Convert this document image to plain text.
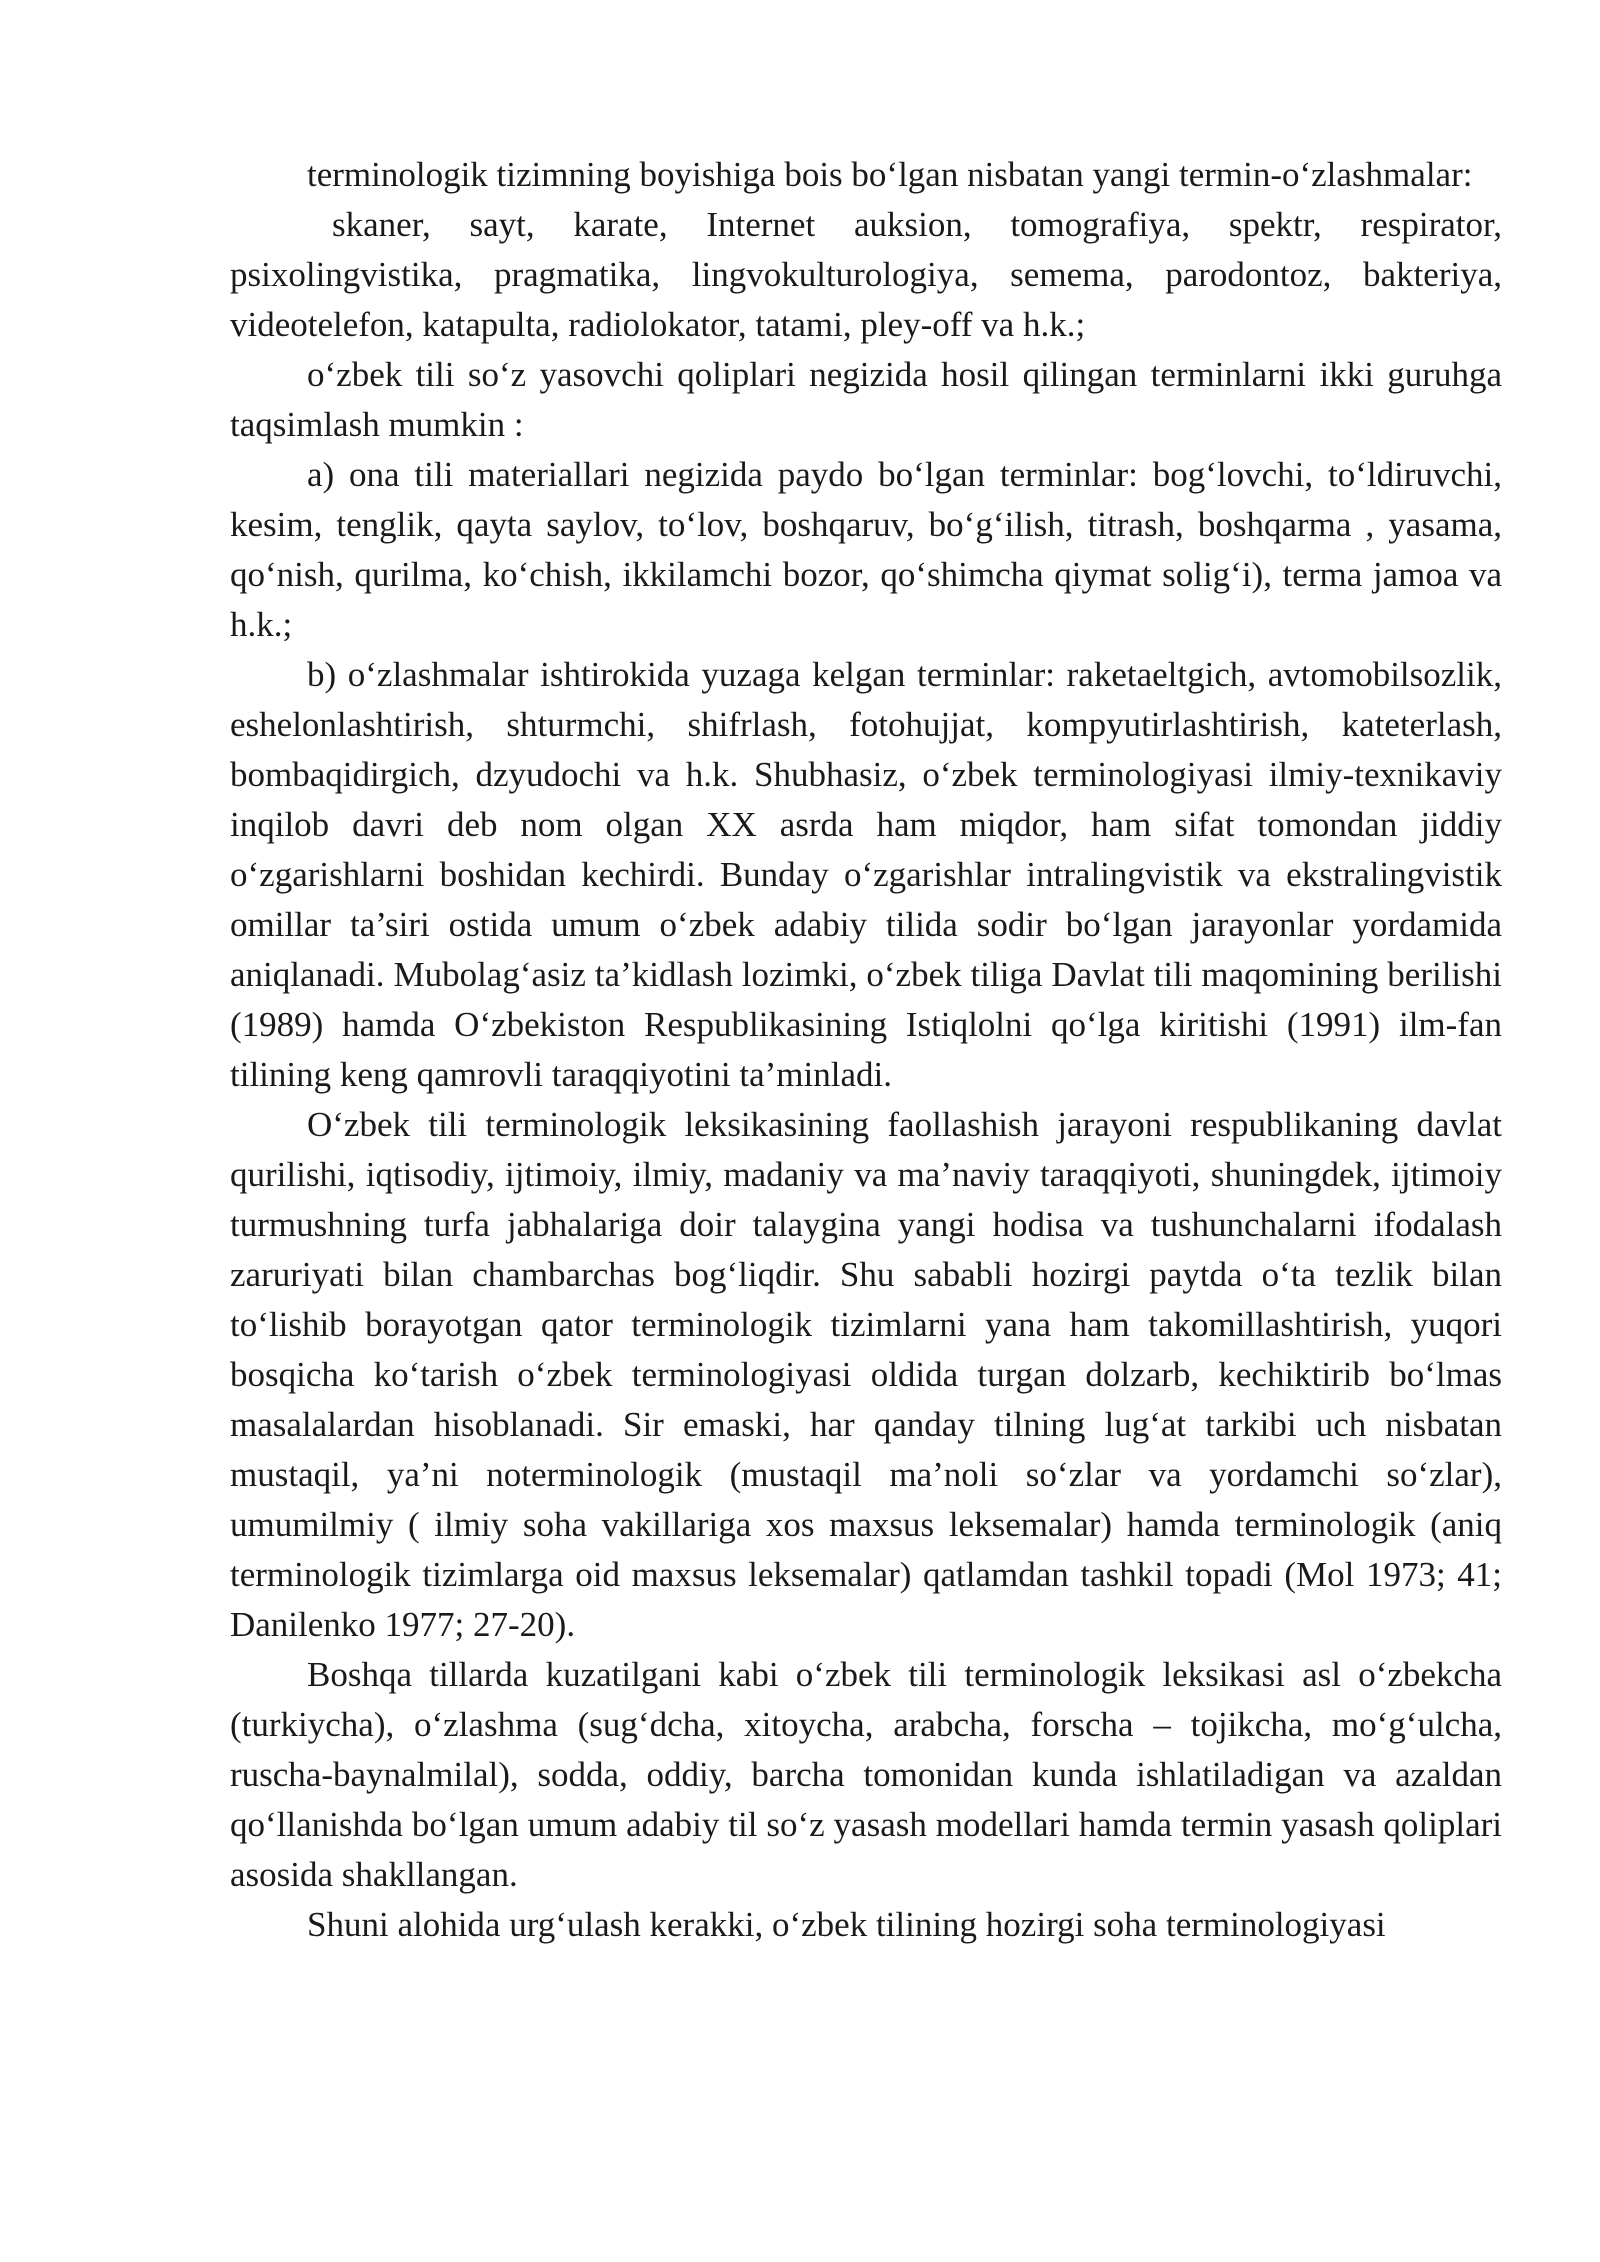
terminologik tizimning boyishiga bois bo‘lgan nisbatan yangi termin-o‘zlashmalar:

skaner, sayt, karate, Internet auksion, tomografiya, spektr, respirator, psixolingvistika, pragmatika, lingvokulturologiya, semema, parodontoz, bakteriya, videotelefon, katapulta, radiolokator, tatami, pley-off va h.k.;

o‘zbek tili so‘z yasovchi qoliplari negizida hosil qilingan terminlarni ikki guruhga taqsimlash mumkin :

a) ona tili materiallari negizida paydo bo‘lgan terminlar: bog‘lovchi, to‘ldiruvchi, kesim, tenglik, qayta saylov, to‘lov, boshqaruv, bo‘g‘ilish, titrash, boshqarma , yasama, qo‘nish, qurilma, ko‘chish, ikkilamchi bozor, qo‘shimcha qiymat solig‘i), terma jamoa va h.k.;

b) o‘zlashmalar ishtirokida yuzaga kelgan terminlar: raketaeltgich, avtomobilsozlik, eshelonlashtirish, shturmchi, shifrlash, fotohujjat, kompyutirlashtirish, kateterlash, bombaqidirgich, dzyudochi va h.k. Shubhasiz, o‘zbek terminologiyasi ilmiy-texnikaviy inqilob davri deb nom olgan XX asrda ham miqdor, ham sifat tomondan jiddiy o‘zgarishlarni boshidan kechirdi. Bunday o‘zgarishlar intralingvistik va ekstralingvistik omillar ta’siri ostida umum o‘zbek adabiy tilida sodir bo‘lgan jarayonlar yordamida aniqlanadi. Mubolag‘asiz ta’kidlash lozimki, o‘zbek tiliga Davlat tili maqomining berilishi (1989) hamda O‘zbekiston Respublikasining Istiqlolni qo‘lga kiritishi (1991) ilm-fan tilining keng qamrovli taraqqiyotini ta’minladi.

O‘zbek tili terminologik leksikasining faollashish jarayoni respublikaning davlat qurilishi, iqtisodiy, ijtimoiy, ilmiy, madaniy va ma’naviy taraqqiyoti, shuningdek, ijtimoiy turmushning turfa jabhalariga doir talaygina yangi hodisa va tushunchalarni ifodalash zaruriyati bilan chambarchas bog‘liqdir. Shu sababli hozirgi paytda o‘ta tezlik bilan to‘lishib borayotgan qator terminologik tizimlarni yana ham takomillashtirish, yuqori bosqicha ko‘tarish o‘zbek terminologiyasi oldida turgan dolzarb, kechiktirib bo‘lmas masalalardan hisoblanadi. Sir emaski, har qanday tilning lug‘at tarkibi uch nisbatan mustaqil, ya’ni noterminologik (mustaqil ma’noli so‘zlar va yordamchi so‘zlar), umumilmiy ( ilmiy soha vakillariga xos maxsus leksemalar) hamda terminologik (aniq terminologik tizimlarga oid maxsus leksemalar) qatlamdan tashkil topadi (Mol 1973; 41; Danilenko 1977; 27-20).

Boshqa tillarda kuzatilgani kabi o‘zbek tili terminologik leksikasi asl o‘zbekcha (turkiycha), o‘zlashma (sug‘dcha, xitoycha, arabcha, forscha – tojikcha, mo‘g‘ulcha, ruscha-baynalmilal), sodda, oddiy, barcha tomonidan kunda ishlatiladigan va azaldan qo‘llanishda bo‘lgan umum adabiy til so‘z yasash modellari hamda termin yasash qoliplari asosida shakllangan.

Shuni alohida urg‘ulash kerakki, o‘zbek tilining hozirgi soha terminologiyasi
